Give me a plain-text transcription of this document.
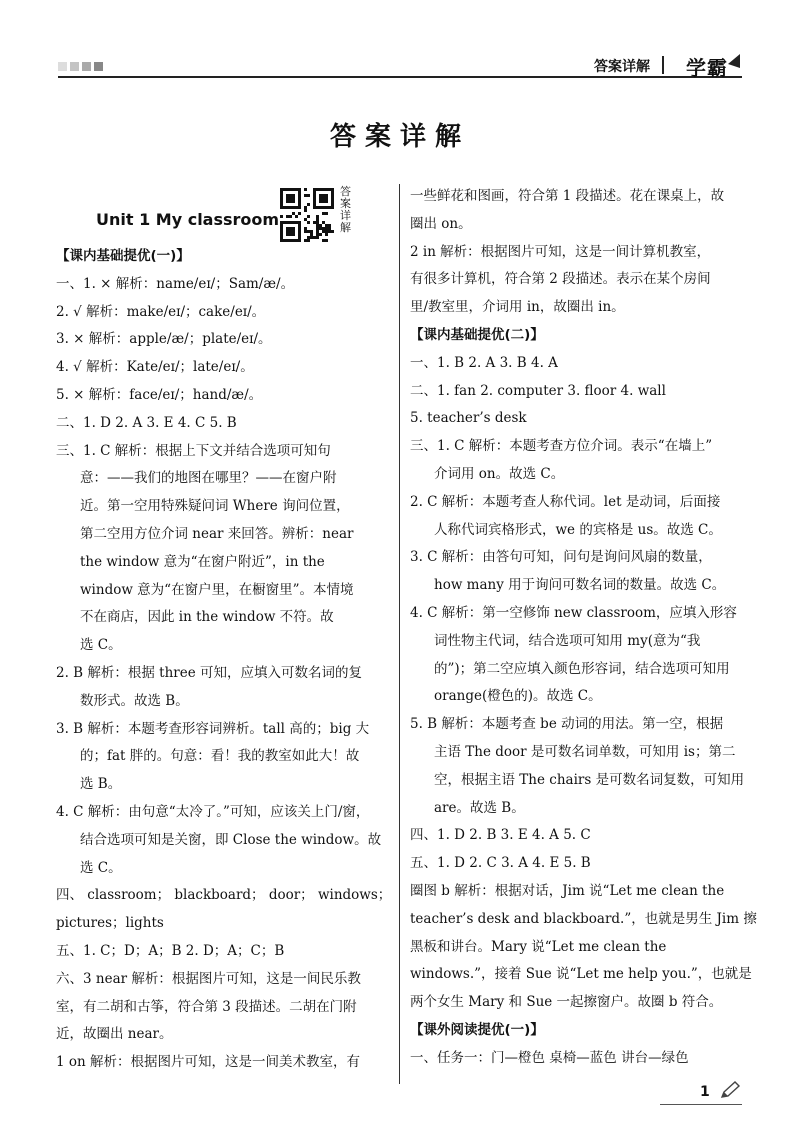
答案详解 学霸
答案详解
Unit 1 My classroom
答案详解
【课内基础提优(一)】
一、1. × 解析：name/eɪ/；Sam/æ/。
2. √ 解析：make/eɪ/；cake/eɪ/。
3. × 解析：apple/æ/；plate/eɪ/。
4. √ 解析：Kate/eɪ/；late/eɪ/。
5. × 解析：face/eɪ/；hand/æ/。
二、1. D 2. A 3. E 4. C 5. B
三、1. C 解析：根据上下文并结合选项可知句
意：——我们的地图在哪里？——在窗户附
近。第一空用特殊疑问词 Where 询问位置，
第二空用方位介词 near 来回答。辨析：near
the window 意为“在窗户附近”，in the
window 意为“在窗户里，在橱窗里”。本情境
不在商店，因此 in the window 不符。故
选 C。
2. B 解析：根据 three 可知，应填入可数名词的复
数形式。故选 B。
3. B 解析：本题考查形容词辨析。tall 高的；big 大
的；fat 胖的。句意：看！我的教室如此大！故
选 B。
4. C 解析：由句意“太冷了。”可知，应该关上门/窗，
结合选项可知是关窗，即 Close the window。故
选 C。
四、 classroom； blackboard； door； windows；
pictures；lights
五、1. C；D；A；B 2. D；A；C；B
六、3 near 解析：根据图片可知，这是一间民乐教
室，有二胡和古筝，符合第 3 段描述。二胡在门附
近，故圈出 near。
1 on 解析：根据图片可知，这是一间美术教室，有
一些鲜花和图画，符合第 1 段描述。花在课桌上，故
圈出 on。
2 in 解析：根据图片可知，这是一间计算机教室，
有很多计算机，符合第 2 段描述。表示在某个房间
里/教室里，介词用 in，故圈出 in。
【课内基础提优(二)】
一、1. B 2. A 3. B 4. A
二、1. fan 2. computer 3. floor 4. wall
5. teacher’s desk
三、1. C 解析：本题考查方位介词。表示“在墙上”
介词用 on。故选 C。
2. C 解析：本题考查人称代词。let 是动词，后面接
人称代词宾格形式，we 的宾格是 us。故选 C。
3. C 解析：由答句可知，问句是询问风扇的数量，
how many 用于询问可数名词的数量。故选 C。
4. C 解析：第一空修饰 new classroom，应填入形容
词性物主代词，结合选项可知用 my(意为“我
的”)；第二空应填入颜色形容词，结合选项可知用
orange(橙色的)。故选 C。
5. B 解析：本题考查 be 动词的用法。第一空，根据
主语 The door 是可数名词单数，可知用 is；第二
空，根据主语 The chairs 是可数名词复数，可知用
are。故选 B。
四、1. D 2. B 3. E 4. A 5. C
五、1. D 2. C 3. A 4. E 5. B
圈图 b 解析：根据对话，Jim 说“Let me clean the
teacher’s desk and blackboard.”，也就是男生 Jim 擦
黑板和讲台。Mary 说“Let me clean the
windows.”，接着 Sue 说“Let me help you.”，也就是
两个女生 Mary 和 Sue 一起擦窗户。故圈 b 符合。
【课外阅读提优(一)】
一、任务一：门—橙色 桌椅—蓝色 讲台—绿色
1
